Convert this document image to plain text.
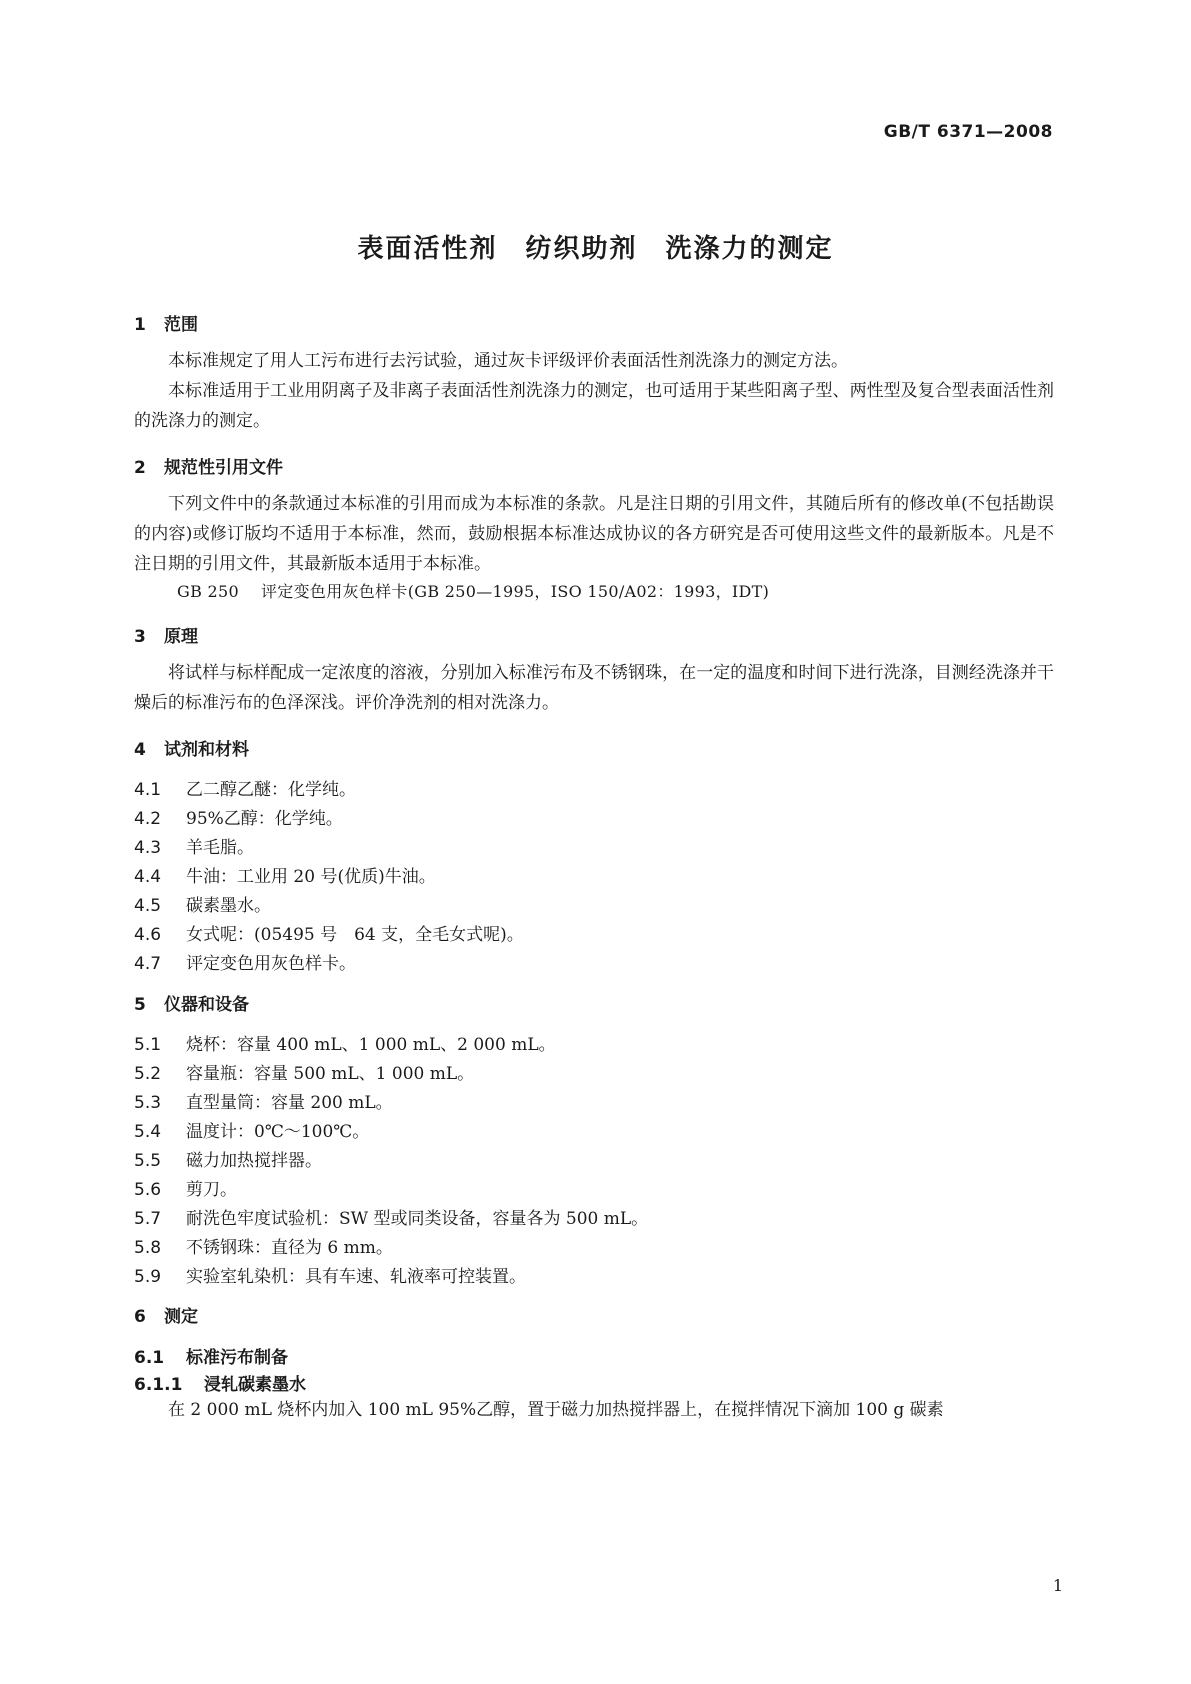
GB/T 6371—2008
表面活性剂 纺织助剂 洗涤力的测定
1 范围
本标准规定了用人工污布进行去污试验，通过灰卡评级评价表面活性剂洗涤力的测定方法。
本标准适用于工业用阴离子及非离子表面活性剂洗涤力的测定，也可适用于某些阳离子型、两性型及复合型表面活性剂的洗涤力的测定。
2 规范性引用文件
下列文件中的条款通过本标准的引用而成为本标准的条款。凡是注日期的引用文件，其随后所有的修改单(不包括勘误的内容)或修订版均不适用于本标准，然而，鼓励根据本标准达成协议的各方研究是否可使用这些文件的最新版本。凡是不注日期的引用文件，其最新版本适用于本标准。
GB 250 评定变色用灰色样卡(GB 250—1995，ISO 150/A02：1993，IDT)
3 原理
将试样与标样配成一定浓度的溶液，分别加入标准污布及不锈钢珠，在一定的温度和时间下进行洗涤，目测经洗涤并干燥后的标准污布的色泽深浅。评价净洗剂的相对洗涤力。
4 试剂和材料
4.1 乙二醇乙醚：化学纯。
4.2 95%乙醇：化学纯。
4.3 羊毛脂。
4.4 牛油：工业用 20 号(优质)牛油。
4.5 碳素墨水。
4.6 女式呢：(05495 号　64 支，全毛女式呢)。
4.7 评定变色用灰色样卡。
5 仪器和设备
5.1 烧杯：容量 400 mL、1 000 mL、2 000 mL。
5.2 容量瓶：容量 500 mL、1 000 mL。
5.3 直型量筒：容量 200 mL。
5.4 温度计：0℃～100℃。
5.5 磁力加热搅拌器。
5.6 剪刀。
5.7 耐洗色牢度试验机：SW 型或同类设备，容量各为 500 mL。
5.8 不锈钢珠：直径为 6 mm。
5.9 实验室轧染机：具有车速、轧液率可控装置。
6 测定
6.1 标准污布制备
6.1.1 浸轧碳素墨水
在 2 000 mL 烧杯内加入 100 mL 95%乙醇，置于磁力加热搅拌器上，在搅拌情况下滴加 100 g 碳素
1
